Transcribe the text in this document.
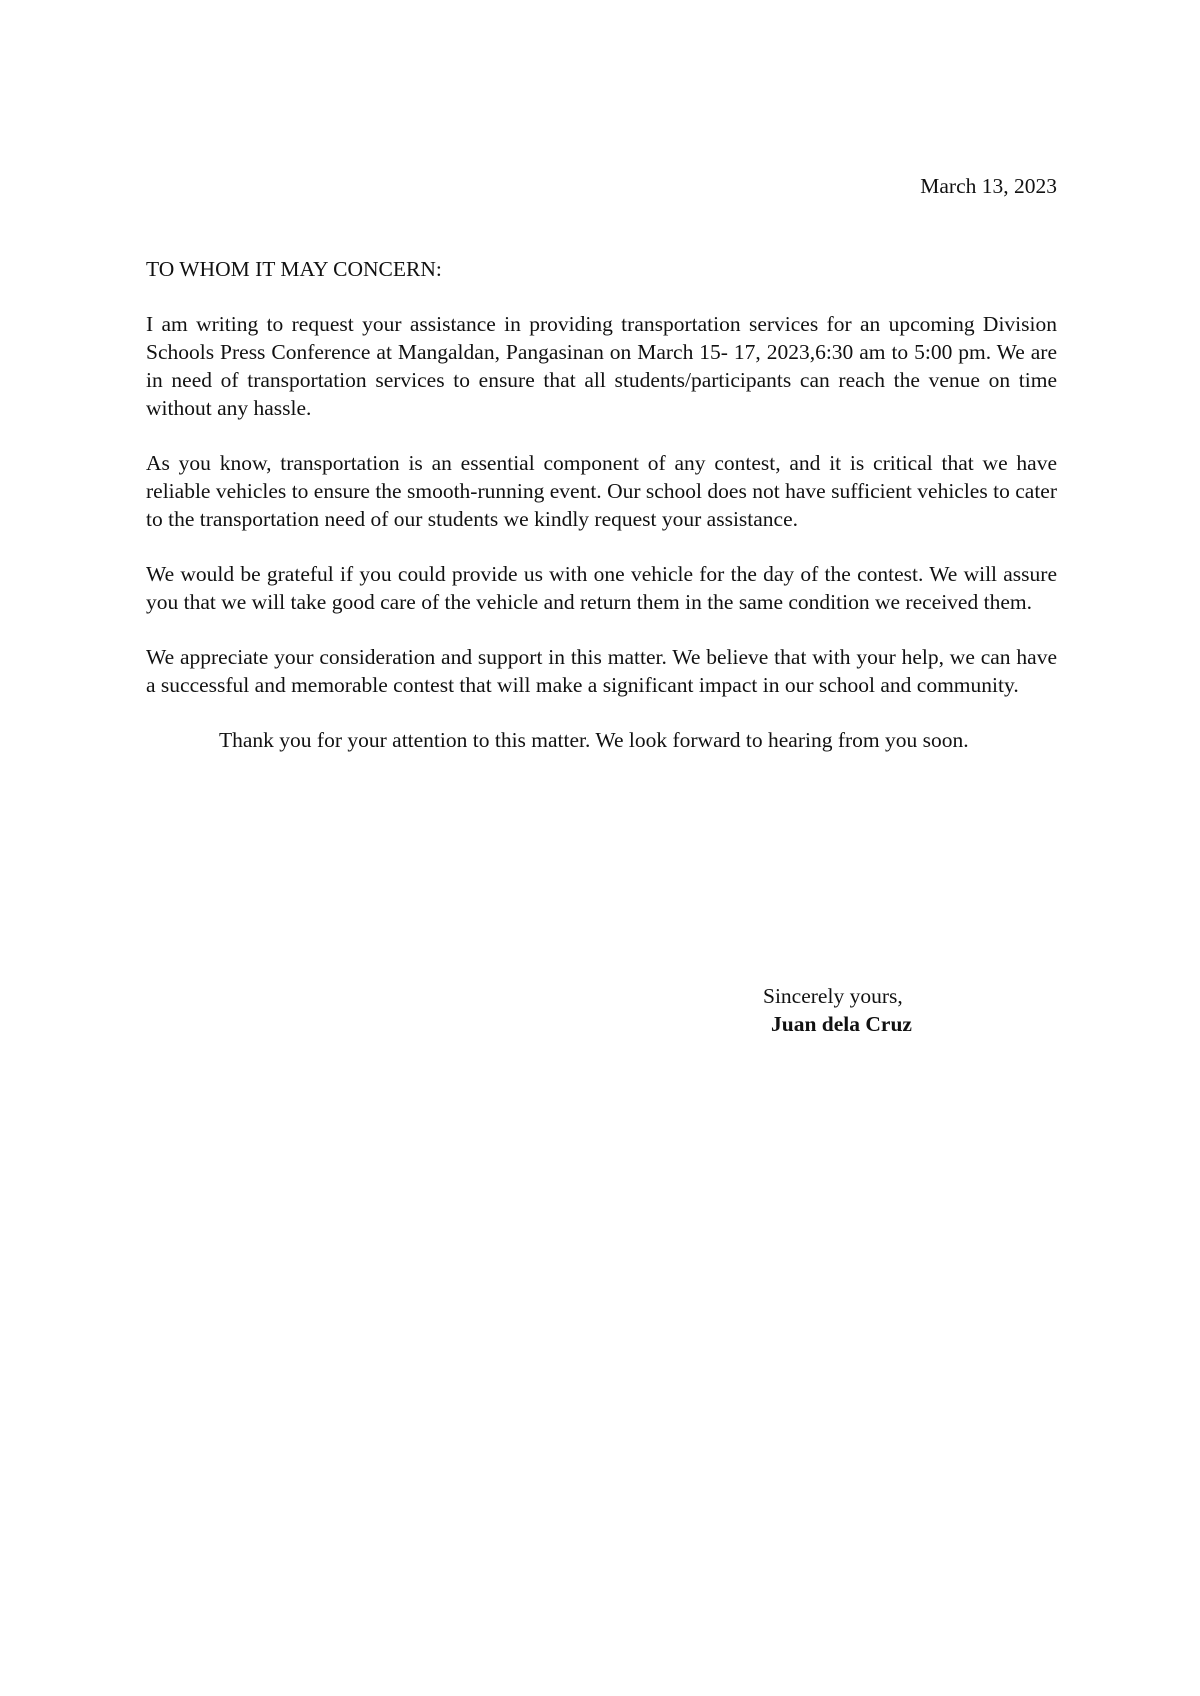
March 13, 2023

TO WHOM IT MAY CONCERN:

I am writing to request your assistance in providing transportation services for an upcoming Division Schools Press Conference at Mangaldan, Pangasinan on March 15- 17, 2023,6:30 am to 5:00 pm. We are in need of transportation services to ensure that all students/participants can reach the venue on time without any hassle.

As you know, transportation is an essential component of any contest, and it is critical that we have reliable vehicles to ensure the smooth-running event. Our school does not have sufficient vehicles to cater to the transportation need of our students we kindly request your assistance.

We would be grateful if you could provide us with one vehicle for the day of the contest. We will assure you that we will take good care of the vehicle and return them in the same condition we received them.

We appreciate your consideration and support in this matter. We believe that with your help, we can have a successful and memorable contest that will make a significant impact in our school and community.

Thank you for your attention to this matter. We look forward to hearing from you soon.

Sincerely yours,
Juan dela Cruz
